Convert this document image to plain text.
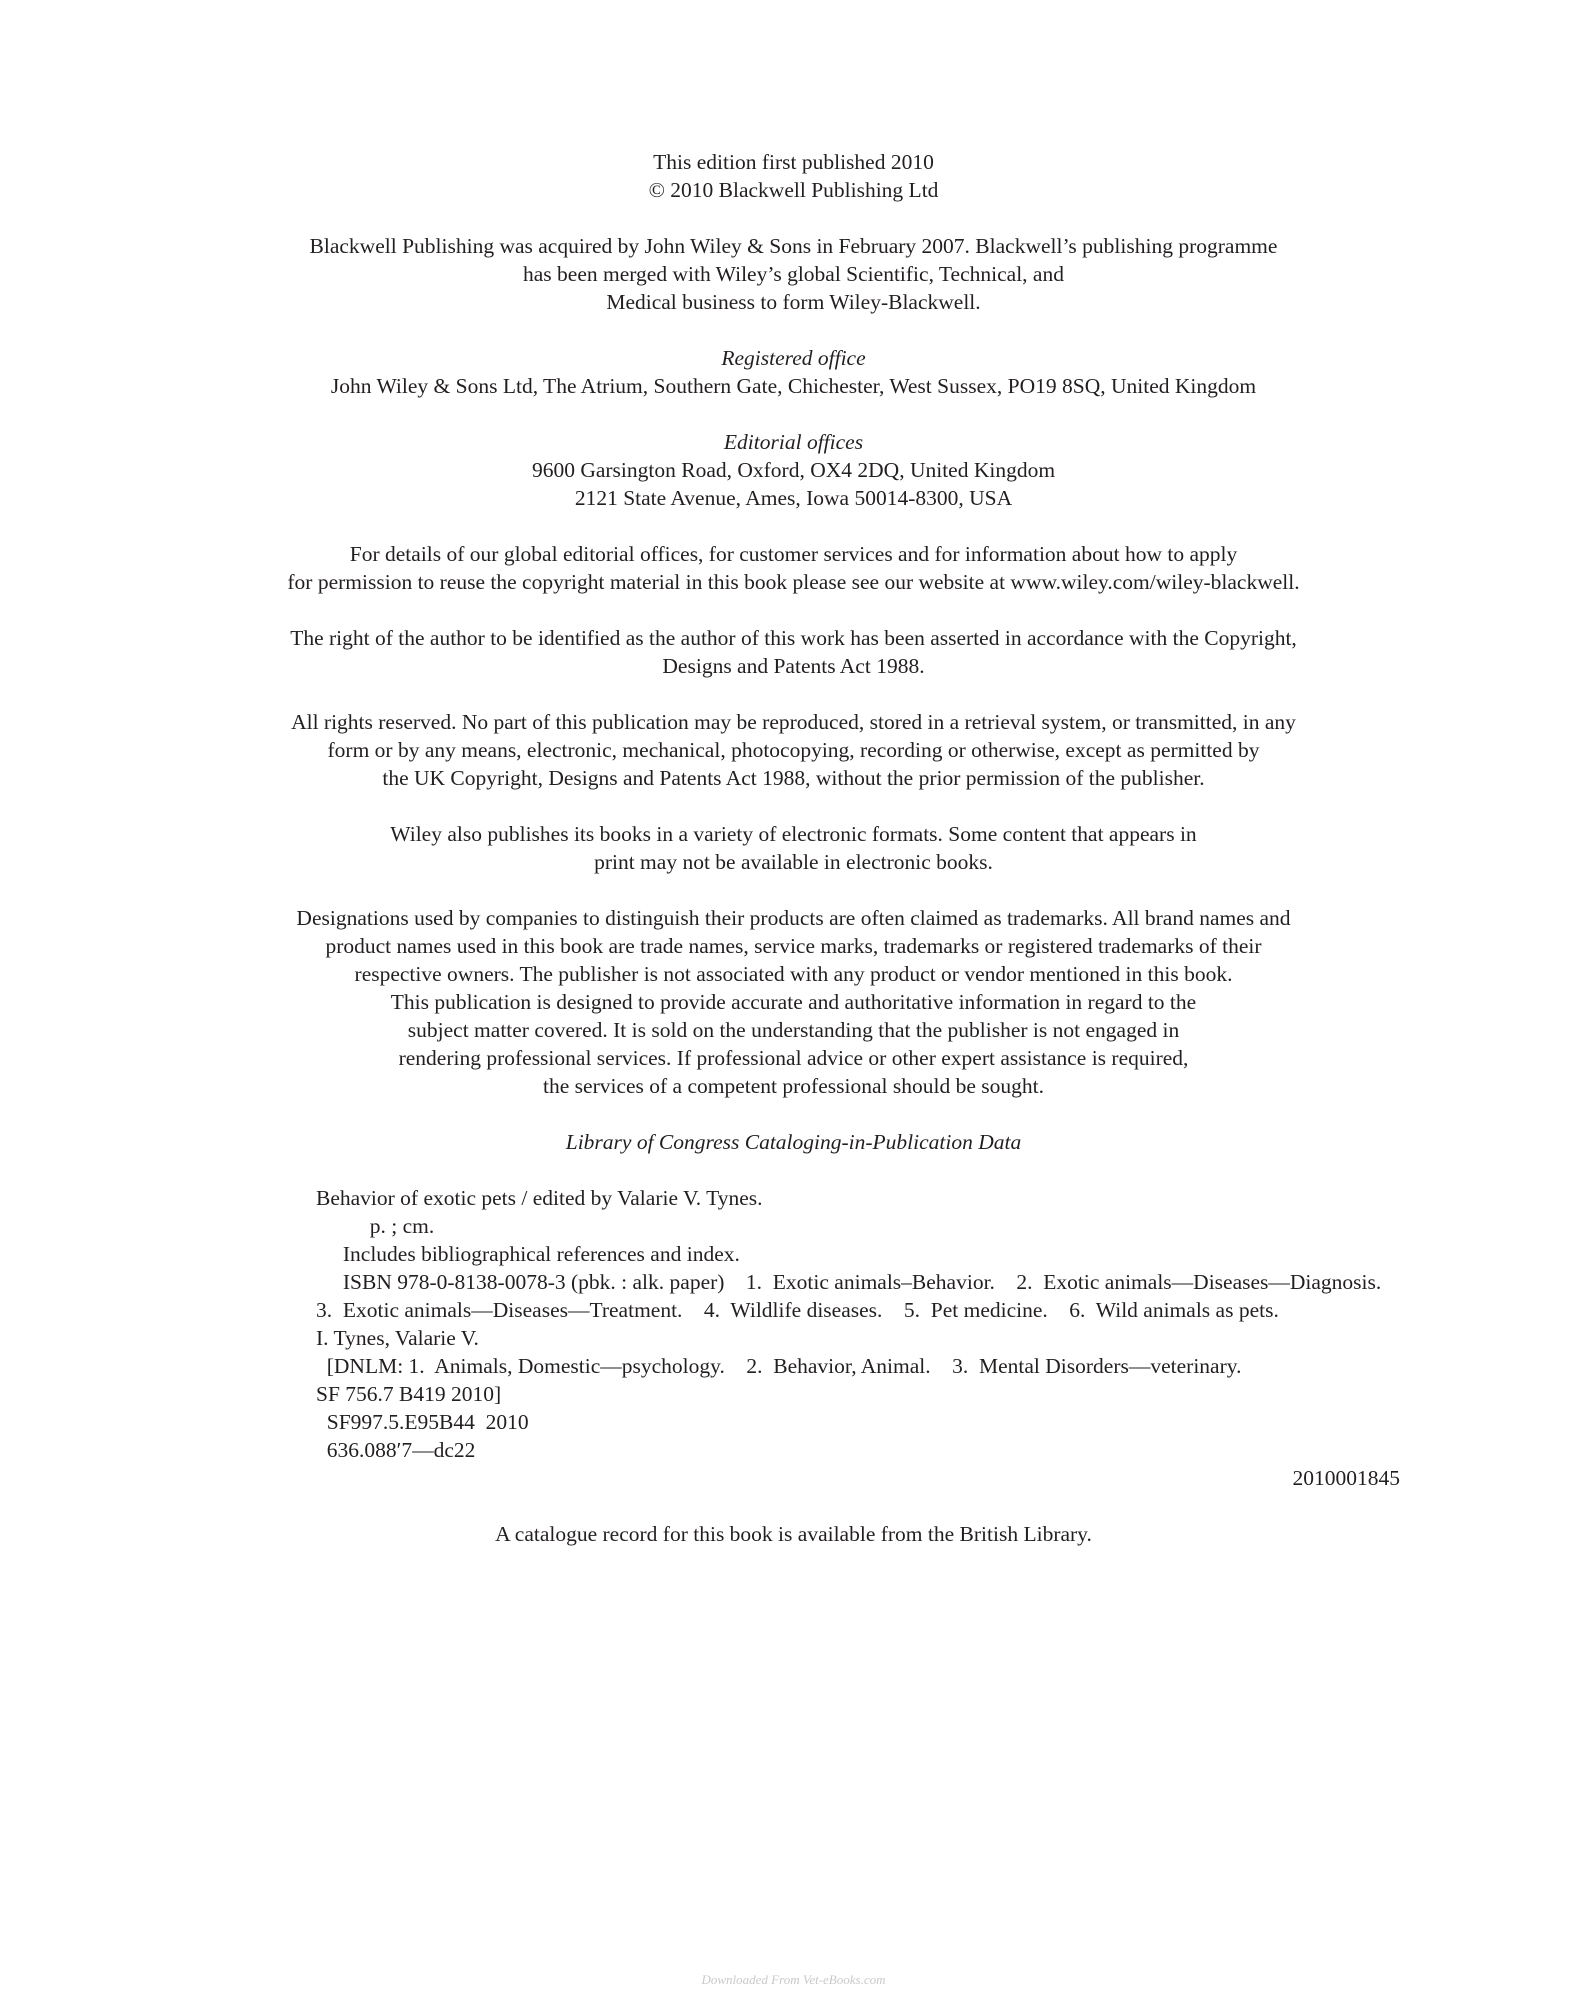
This edition first published 2010
© 2010 Blackwell Publishing Ltd
Blackwell Publishing was acquired by John Wiley & Sons in February 2007. Blackwell’s publishing programme
has been merged with Wiley’s global Scientific, Technical, and
Medical business to form Wiley-Blackwell.
Registered office
John Wiley & Sons Ltd, The Atrium, Southern Gate, Chichester, West Sussex, PO19 8SQ, United Kingdom
Editorial offices
9600 Garsington Road, Oxford, OX4 2DQ, United Kingdom
2121 State Avenue, Ames, Iowa 50014-8300, USA
For details of our global editorial offices, for customer services and for information about how to apply
for permission to reuse the copyright material in this book please see our website at www.wiley.com/wiley-blackwell.
The right of the author to be identified as the author of this work has been asserted in accordance with the Copyright,
Designs and Patents Act 1988.
All rights reserved. No part of this publication may be reproduced, stored in a retrieval system, or transmitted, in any
form or by any means, electronic, mechanical, photocopying, recording or otherwise, except as permitted by
the UK Copyright, Designs and Patents Act 1988, without the prior permission of the publisher.
Wiley also publishes its books in a variety of electronic formats. Some content that appears in
print may not be available in electronic books.
Designations used by companies to distinguish their products are often claimed as trademarks. All brand names and
product names used in this book are trade names, service marks, trademarks or registered trademarks of their
respective owners. The publisher is not associated with any product or vendor mentioned in this book.
This publication is designed to provide accurate and authoritative information in regard to the
subject matter covered. It is sold on the understanding that the publisher is not engaged in
rendering professional services. If professional advice or other expert assistance is required,
the services of a competent professional should be sought.
Library of Congress Cataloging-in-Publication Data
Behavior of exotic pets / edited by Valarie V. Tynes.
p. ; cm.
Includes bibliographical references and index.
ISBN 978-0-8138-0078-3 (pbk. : alk. paper)    1.  Exotic animals–Behavior.    2.  Exotic animals—Diseases—Diagnosis.
3.  Exotic animals—Diseases—Treatment.    4.  Wildlife diseases.    5.  Pet medicine.    6.  Wild animals as pets.
I. Tynes, Valarie V.
[DNLM: 1.  Animals, Domestic—psychology.    2.  Behavior, Animal.    3.  Mental Disorders—veterinary.
SF 756.7 B419 2010]
SF997.5.E95B44  2010
636.088′7—dc22
2010001845
A catalogue record for this book is available from the British Library.
Downloaded From Vet-eBooks.com
